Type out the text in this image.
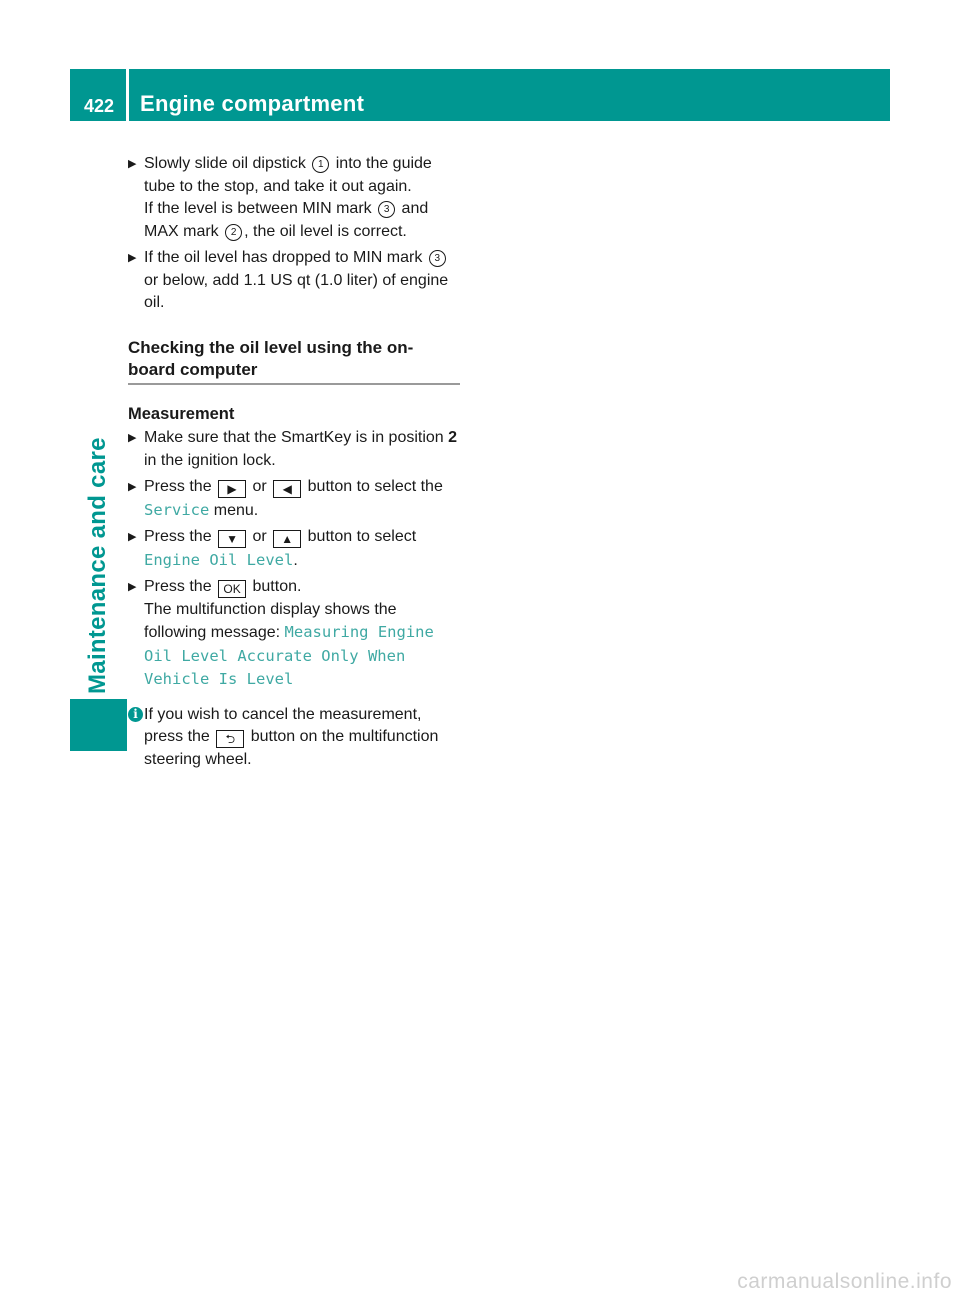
422 Engine compartment
Maintenance and care
▶ Slowly slide oil dipstick 1 into the guide tube to the stop, and take it out again.
If the level is between MIN mark 3 and MAX mark 2 , the oil level is correct.
▶ If the oil level has dropped to MIN mark 3 or below, add 1.1 US qt (1.0 liter) of engine oil.
Checking the oil level using the on-board computer
Measurement
▶ Make sure that the SmartKey is in position 2 in the ignition lock.
▶ Press the ▶ or ◀ button to select the Service menu.
▶ Press the ▼ or ▲ button to select
Engine Oil Level.
▶ Press the OK button.
The multifunction display shows the following message: Measuring Engine Oil Level Accurate Only When Vehicle Is Level
i If you wish to cancel the measurement, press the ⮌ button on the multifunction steering wheel.
carmanualsonline.info
